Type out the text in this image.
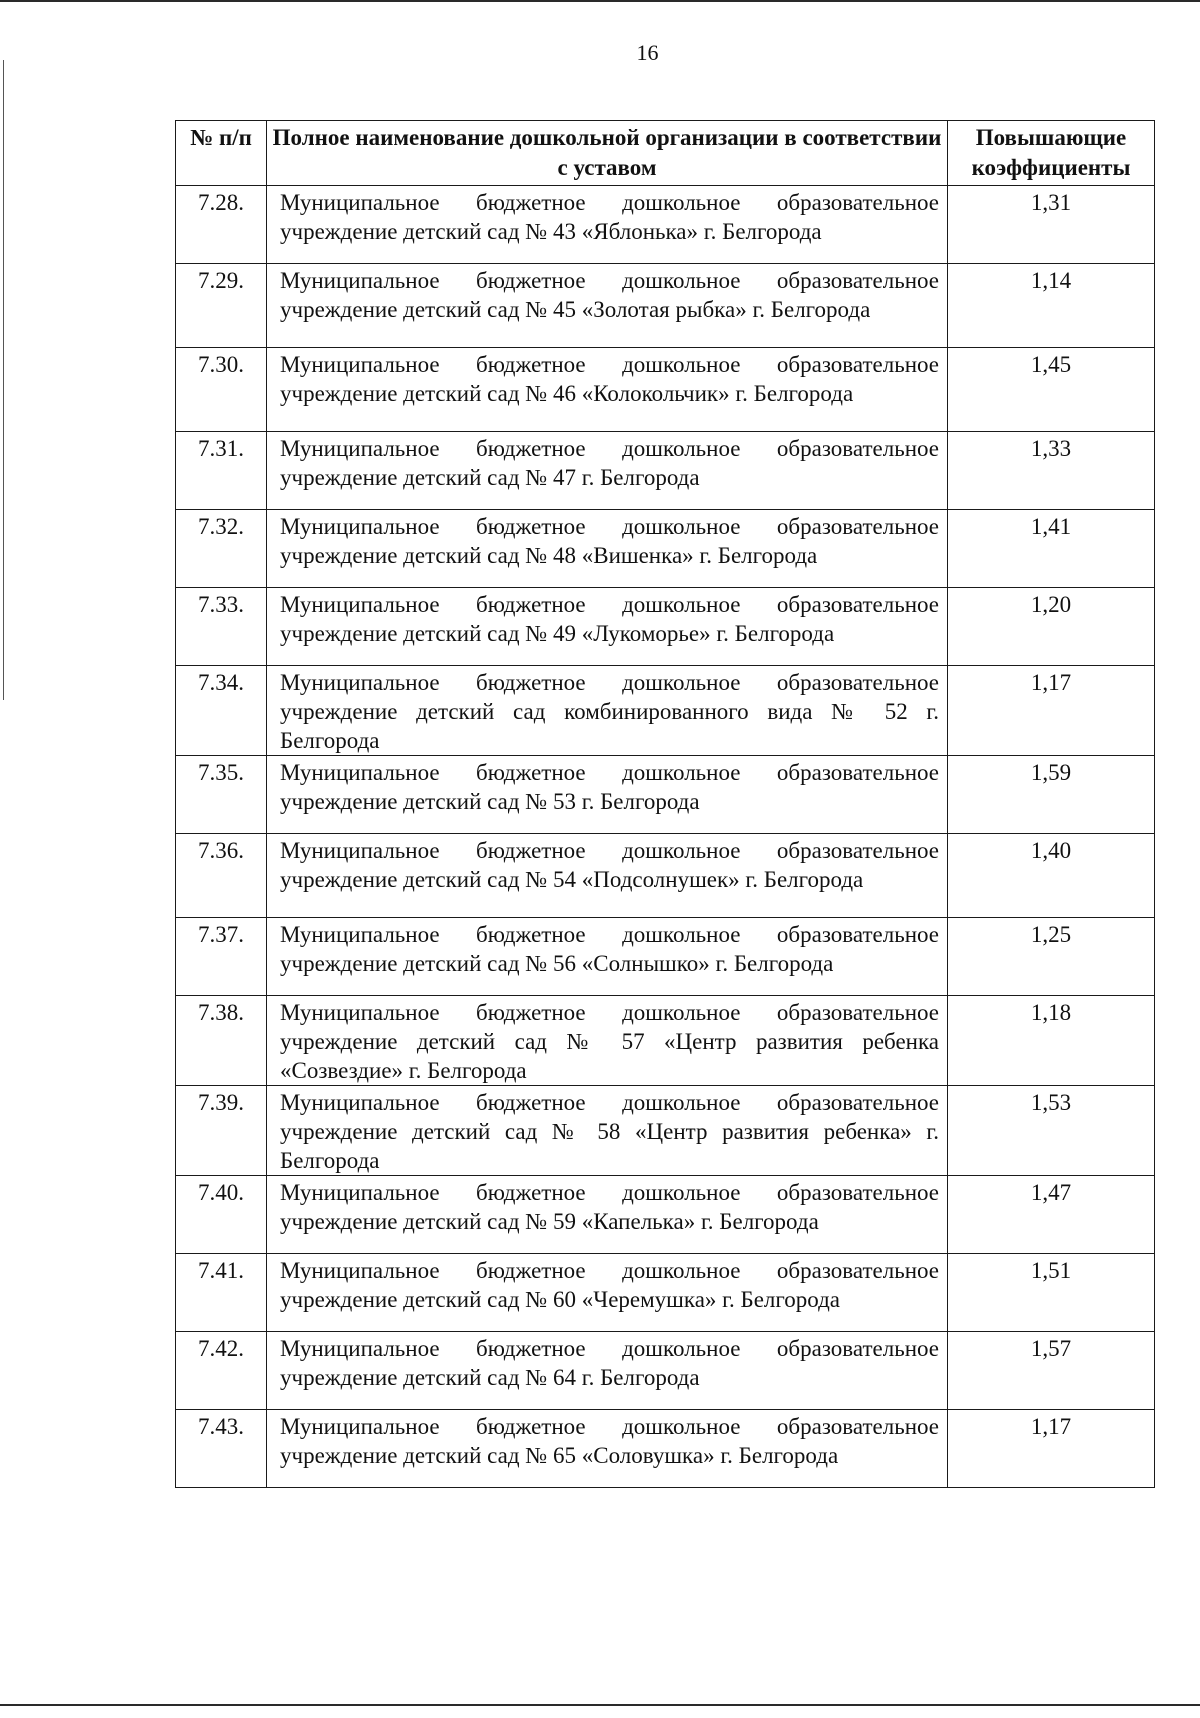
16
№ п/п	Полное наименование дошкольной организации в соответствии с уставом	Повышающие коэффициенты
7.28.	Муниципальное бюджетное дошкольное образовательное учреждение детский сад № 43 «Яблонька» г. Белгорода	1,31
7.29.	Муниципальное бюджетное дошкольное образовательное учреждение детский сад № 45 «Золотая рыбка» г. Белгорода	1,14
7.30.	Муниципальное бюджетное дошкольное образовательное учреждение детский сад № 46 «Колокольчик» г. Белгорода	1,45
7.31.	Муниципальное бюджетное дошкольное образовательное учреждение детский сад № 47 г. Белгорода	1,33
7.32.	Муниципальное бюджетное дошкольное образовательное учреждение детский сад № 48 «Вишенка» г. Белгорода	1,41
7.33.	Муниципальное бюджетное дошкольное образовательное учреждение детский сад № 49 «Лукоморье» г. Белгорода	1,20
7.34.	Муниципальное бюджетное дошкольное образовательное учреждение детский сад комбинированного вида № 52 г. Белгорода	1,17
7.35.	Муниципальное бюджетное дошкольное образовательное учреждение детский сад № 53 г. Белгорода	1,59
7.36.	Муниципальное бюджетное дошкольное образовательное учреждение детский сад № 54 «Подсолнушек» г. Белгорода	1,40
7.37.	Муниципальное бюджетное дошкольное образовательное учреждение детский сад № 56 «Солнышко» г. Белгорода	1,25
7.38.	Муниципальное бюджетное дошкольное образовательное учреждение детский сад № 57 «Центр развития ребенка «Созвездие» г. Белгорода	1,18
7.39.	Муниципальное бюджетное дошкольное образовательное учреждение детский сад № 58 «Центр развития ребенка» г. Белгорода	1,53
7.40.	Муниципальное бюджетное дошкольное образовательное учреждение детский сад № 59 «Капелька» г. Белгорода	1,47
7.41.	Муниципальное бюджетное дошкольное образовательное учреждение детский сад № 60 «Черемушка» г. Белгорода	1,51
7.42.	Муниципальное бюджетное дошкольное образовательное учреждение детский сад № 64 г. Белгорода	1,57
7.43.	Муниципальное бюджетное дошкольное образовательное учреждение детский сад № 65 «Соловушка» г. Белгорода	1,17
